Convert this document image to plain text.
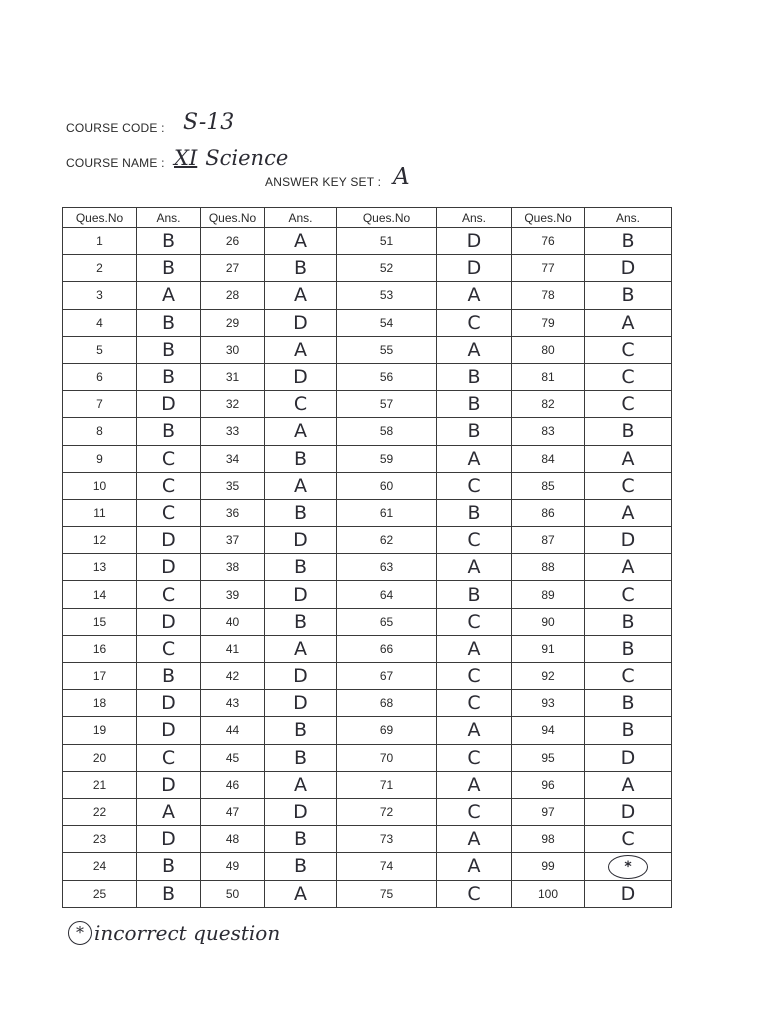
COURSE CODE : S-13
COURSE NAME : XI Science
ANSWER KEY SET : A
Ques.No	Ans.	Ques.No	Ans.	Ques.No	Ans.	Ques.No	Ans.
1	B	26	A	51	D	76	B
2	B	27	B	52	D	77	D
3	A	28	A	53	A	78	B
4	B	29	D	54	C	79	A
5	B	30	A	55	A	80	C
6	B	31	D	56	B	81	C
7	D	32	C	57	B	82	C
8	B	33	A	58	B	83	B
9	C	34	B	59	A	84	A
10	C	35	A	60	C	85	C
11	C	36	B	61	B	86	A
12	D	37	D	62	C	87	D
13	D	38	B	63	A	88	A
14	C	39	D	64	B	89	C
15	D	40	B	65	C	90	B
16	C	41	A	66	A	91	B
17	B	42	D	67	C	92	C
18	D	43	D	68	C	93	B
19	D	44	B	69	A	94	B
20	C	45	B	70	C	95	D
21	D	46	A	71	A	96	A
22	A	47	D	72	C	97	D
23	D	48	B	73	A	98	C
24	B	49	B	74	A	99	*
25	B	50	A	75	C	100	D
* incorrect question
